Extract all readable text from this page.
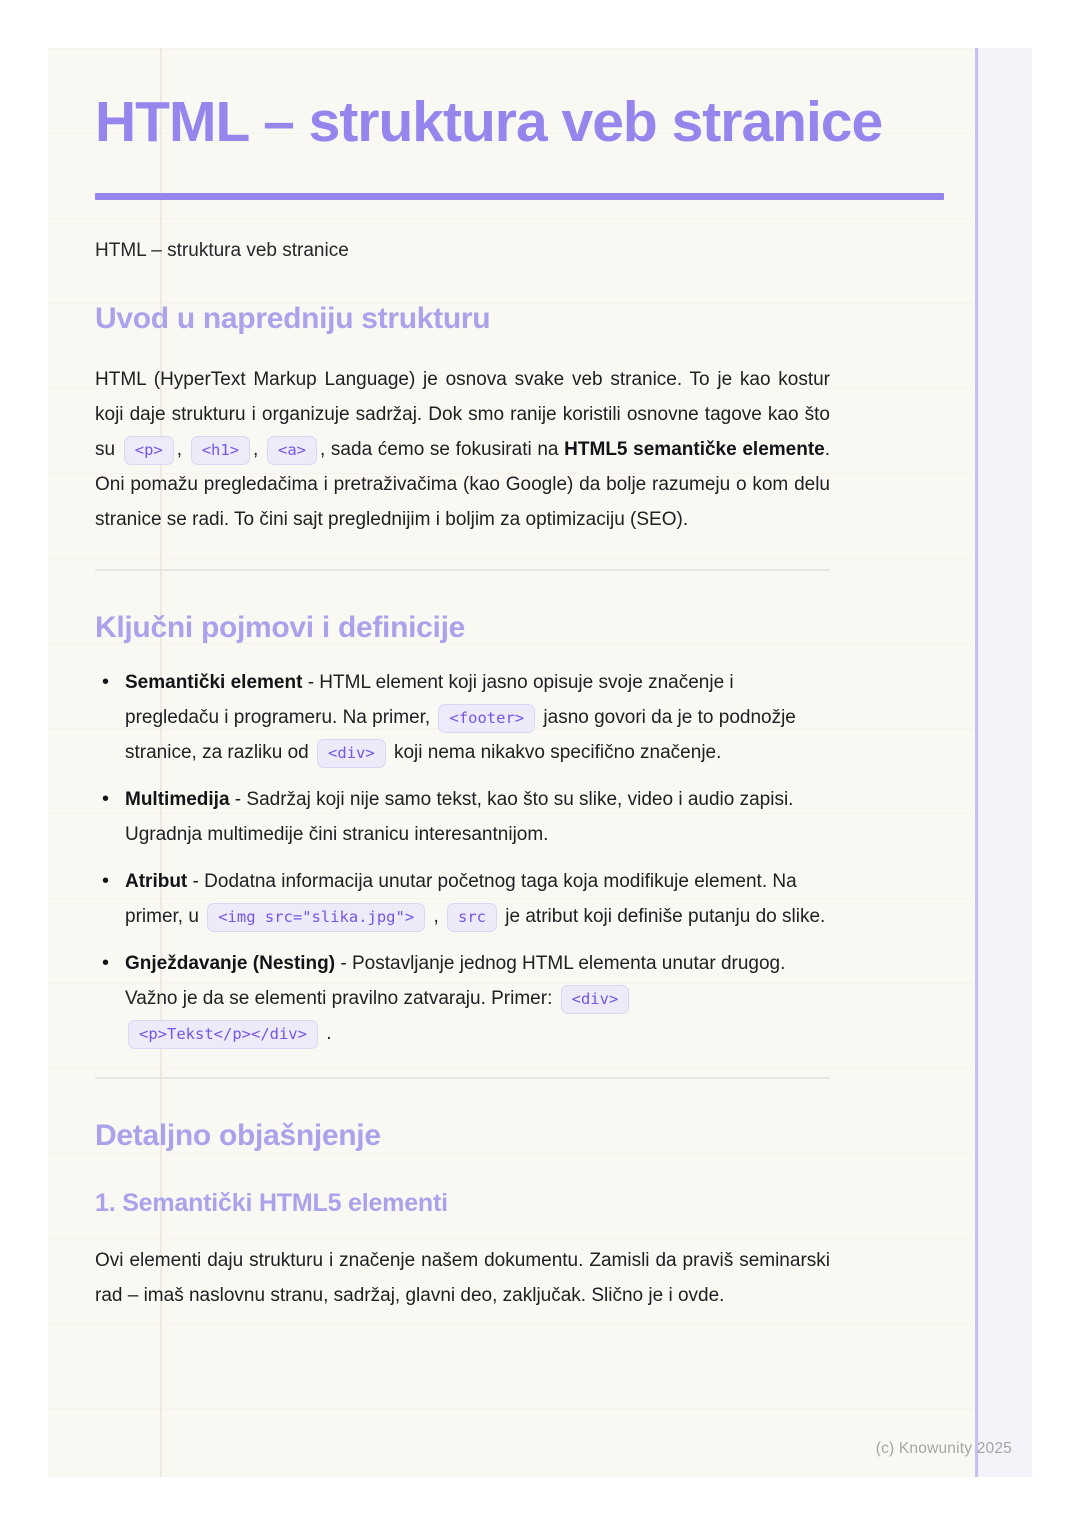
HTML – struktura veb stranice
HTML – struktura veb stranice
Uvod u napredniju strukturu

HTML (HyperText Markup Language) je osnova svake veb stranice. To je kao kostur koji daje strukturu i organizuje sadržaj. Dok smo ranije koristili osnovne tagove kao što su <p> , <h1> , <a> , sada ćemo se fokusirati na HTML5 semantičke elemente. Oni pomažu pregledačima i pretraživačima (kao Google) da bolje razumeju o kom delu stranice se radi. To čini sajt preglednijim i boljim za optimizaciju (SEO).

Ključni pojmovi i definicije
• Semantički element - HTML element koji jasno opisuje svoje značenje i pregledaču i programeru. Na primer, <footer> jasno govori da je to podnožje stranice, za razliku od <div> koji nema nikakvo specifično značenje.
• Multimedija - Sadržaj koji nije samo tekst, kao što su slike, video i audio zapisi. Ugradnja multimedije čini stranicu interesantnijom.
• Atribut - Dodatna informacija unutar početnog taga koja modifikuje element. Na primer, u <img src="slika.jpg"> , src je atribut koji definiše putanju do slike.
• Gnježdavanje (Nesting) - Postavljanje jednog HTML elementa unutar drugog. Važno je da se elementi pravilno zatvaraju. Primer: <div> <p>Tekst</p></div> .
Detaljno objašnjenje
1. Semantički HTML5 elementi

Ovi elementi daju strukturu i značenje našem dokumentu. Zamisli da praviš seminarski rad – imaš naslovnu stranu, sadržaj, glavni deo, zaključak. Slično je i ovde.

(c) Knowunity 2025
